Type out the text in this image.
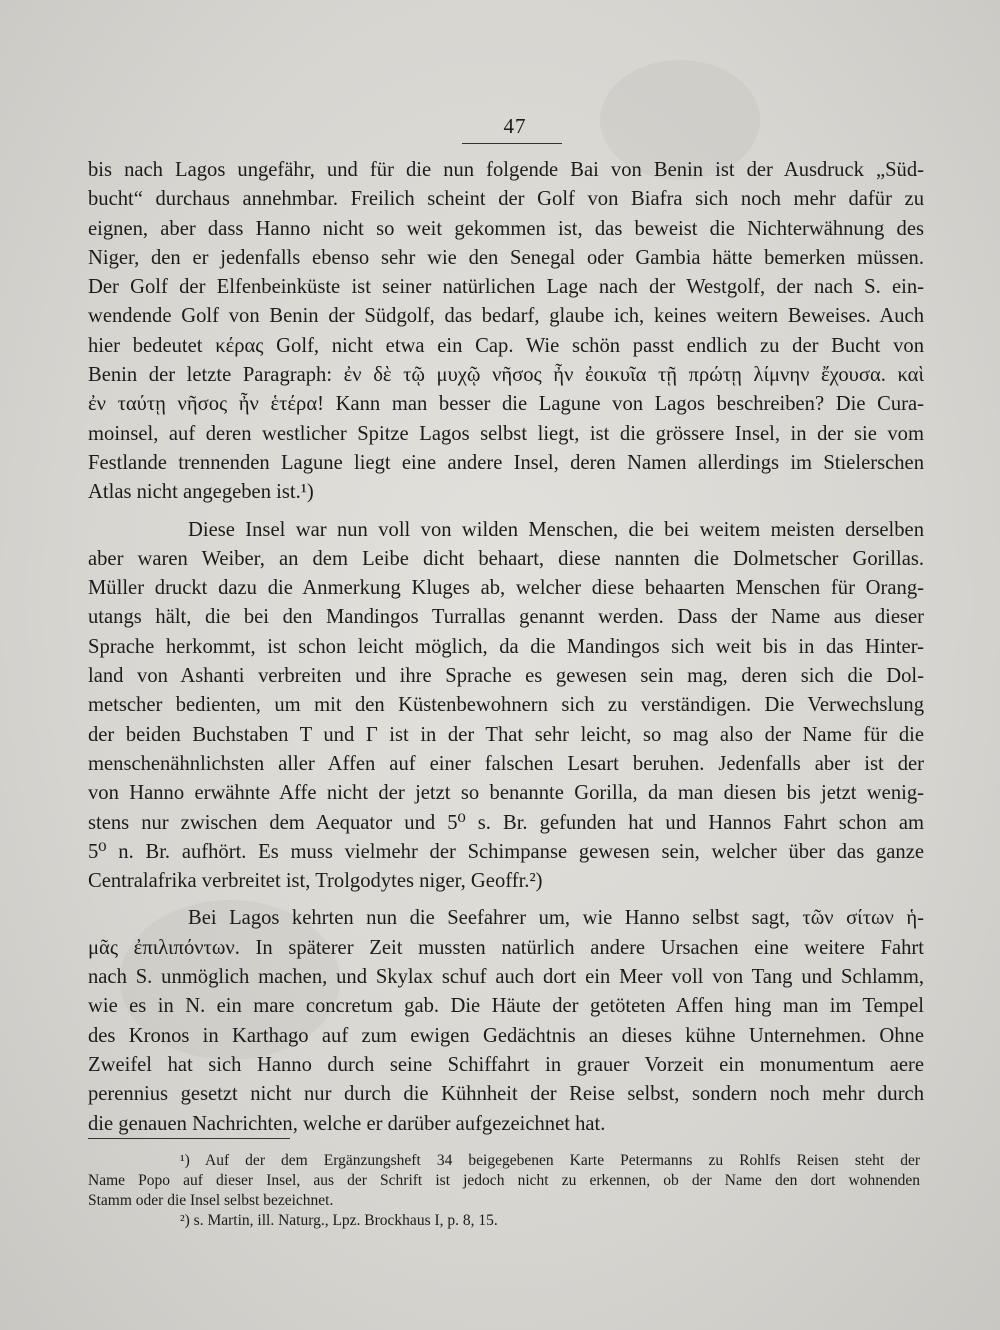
47

bis nach Lagos ungefähr, und für die nun folgende Bai von Benin ist der Ausdruck „Süd-

bucht“ durchaus annehmbar. Freilich scheint der Golf von Biafra sich noch mehr dafür zu

eignen, aber dass Hanno nicht so weit gekommen ist, das beweist die Nichterwähnung des

Niger, den er jedenfalls ebenso sehr wie den Senegal oder Gambia hätte bemerken müssen.

Der Golf der Elfenbeinküste ist seiner natürlichen Lage nach der Westgolf, der nach S. ein-

wendende Golf von Benin der Südgolf, das bedarf, glaube ich, keines weitern Beweises. Auch

hier bedeutet κέρας Golf, nicht etwa ein Cap. Wie schön passt endlich zu der Bucht von

Benin der letzte Paragraph: ἐν δὲ τῷ μυχῷ νῆσος ἦν ἐοικυῖα τῇ πρώτῃ λίμνην ἔχουσα. καὶ

ἐν ταύτῃ νῆσος ἦν ἑτέρα! Kann man besser die Lagune von Lagos beschreiben? Die Cura-

moinsel, auf deren westlicher Spitze Lagos selbst liegt, ist die grössere Insel, in der sie vom

Festlande trennenden Lagune liegt eine andere Insel, deren Namen allerdings im Stielerschen

Atlas nicht angegeben ist.¹)

Diese Insel war nun voll von wilden Menschen, die bei weitem meisten derselben

aber waren Weiber, an dem Leibe dicht behaart, diese nannten die Dolmetscher Gorillas.

Müller druckt dazu die Anmerkung Kluges ab, welcher diese behaarten Menschen für Orang-

utangs hält, die bei den Mandingos Turrallas genannt werden. Dass der Name aus dieser

Sprache herkommt, ist schon leicht möglich, da die Mandingos sich weit bis in das Hinter-

land von Ashanti verbreiten und ihre Sprache es gewesen sein mag, deren sich die Dol-

metscher bedienten, um mit den Küstenbewohnern sich zu verständigen. Die Verwechslung

der beiden Buchstaben T und Γ ist in der That sehr leicht, so mag also der Name für die

menschenähnlichsten aller Affen auf einer falschen Lesart beruhen. Jedenfalls aber ist der

von Hanno erwähnte Affe nicht der jetzt so benannte Gorilla, da man diesen bis jetzt wenig-

stens nur zwischen dem Aequator und 5⁰ s. Br. gefunden hat und Hannos Fahrt schon am

5⁰ n. Br. aufhört. Es muss vielmehr der Schimpanse gewesen sein, welcher über das ganze

Centralafrika verbreitet ist, Trolgodytes niger, Geoffr.²)

Bei Lagos kehrten nun die Seefahrer um, wie Hanno selbst sagt, τῶν σίτων ἡ-

μᾶς ἐπιλιπόντων. In späterer Zeit mussten natürlich andere Ursachen eine weitere Fahrt

nach S. unmöglich machen, und Skylax schuf auch dort ein Meer voll von Tang und Schlamm,

wie es in N. ein mare concretum gab. Die Häute der getöteten Affen hing man im Tempel

des Kronos in Karthago auf zum ewigen Gedächtnis an dieses kühne Unternehmen. Ohne

Zweifel hat sich Hanno durch seine Schiffahrt in grauer Vorzeit ein monumentum aere

perennius gesetzt nicht nur durch die Kühnheit der Reise selbst, sondern noch mehr durch

die genauen Nachrichten, welche er darüber aufgezeichnet hat.

¹) Auf der dem Ergänzungsheft 34 beigegebenen Karte Petermanns zu Rohlfs Reisen steht der

Name Popo auf dieser Insel, aus der Schrift ist jedoch nicht zu erkennen, ob der Name den dort wohnenden

Stamm oder die Insel selbst bezeichnet.

²) s. Martin, ill. Naturg., Lpz. Brockhaus I, p. 8, 15.
